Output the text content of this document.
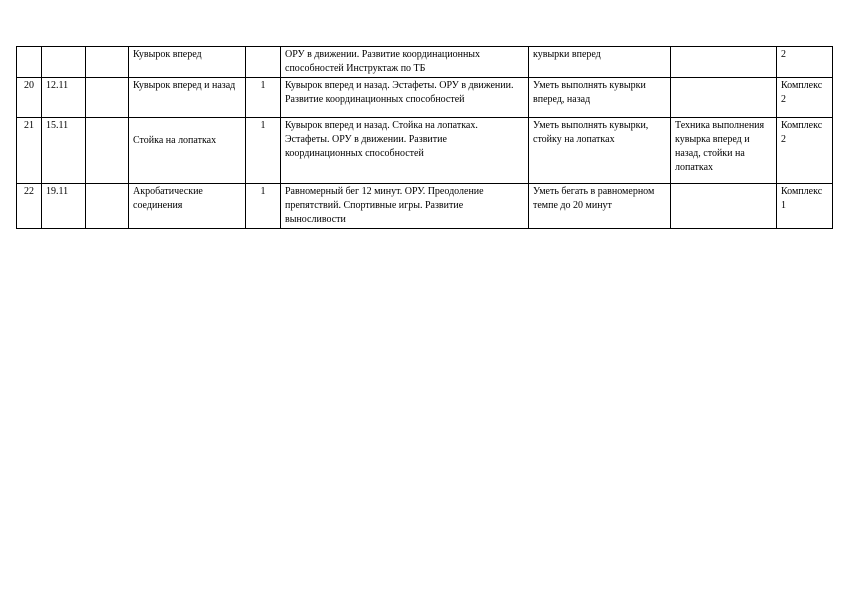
			Кувырок вперед		ОРУ в движении. Развитие координационных способностей Инструктаж по ТБ	кувырки вперед		2
20	12.11		Кувырок вперед и назад	1	Кувырок вперед и назад. Эстафеты. ОРУ в движении. Развитие координационных способностей	Уметь выполнять кувырки вперед, назад		Комплекс 2
21	15.11		Стойка на лопатках	1	Кувырок вперед и назад. Стойка на лопатках. Эстафеты. ОРУ в движении. Развитие координационных способностей	Уметь выполнять кувырки, стойку на лопатках	Техника выполнения кувырка вперед и назад, стойки на лопатках	Комплекс 2
22	19.11		Акробатические соединения	1	Равномерный бег 12 минут. ОРУ. Преодоление препятствий. Спортивные игры. Развитие выносливости	Уметь бегать в равномерном темпе до 20 минут		Комплекс 1
